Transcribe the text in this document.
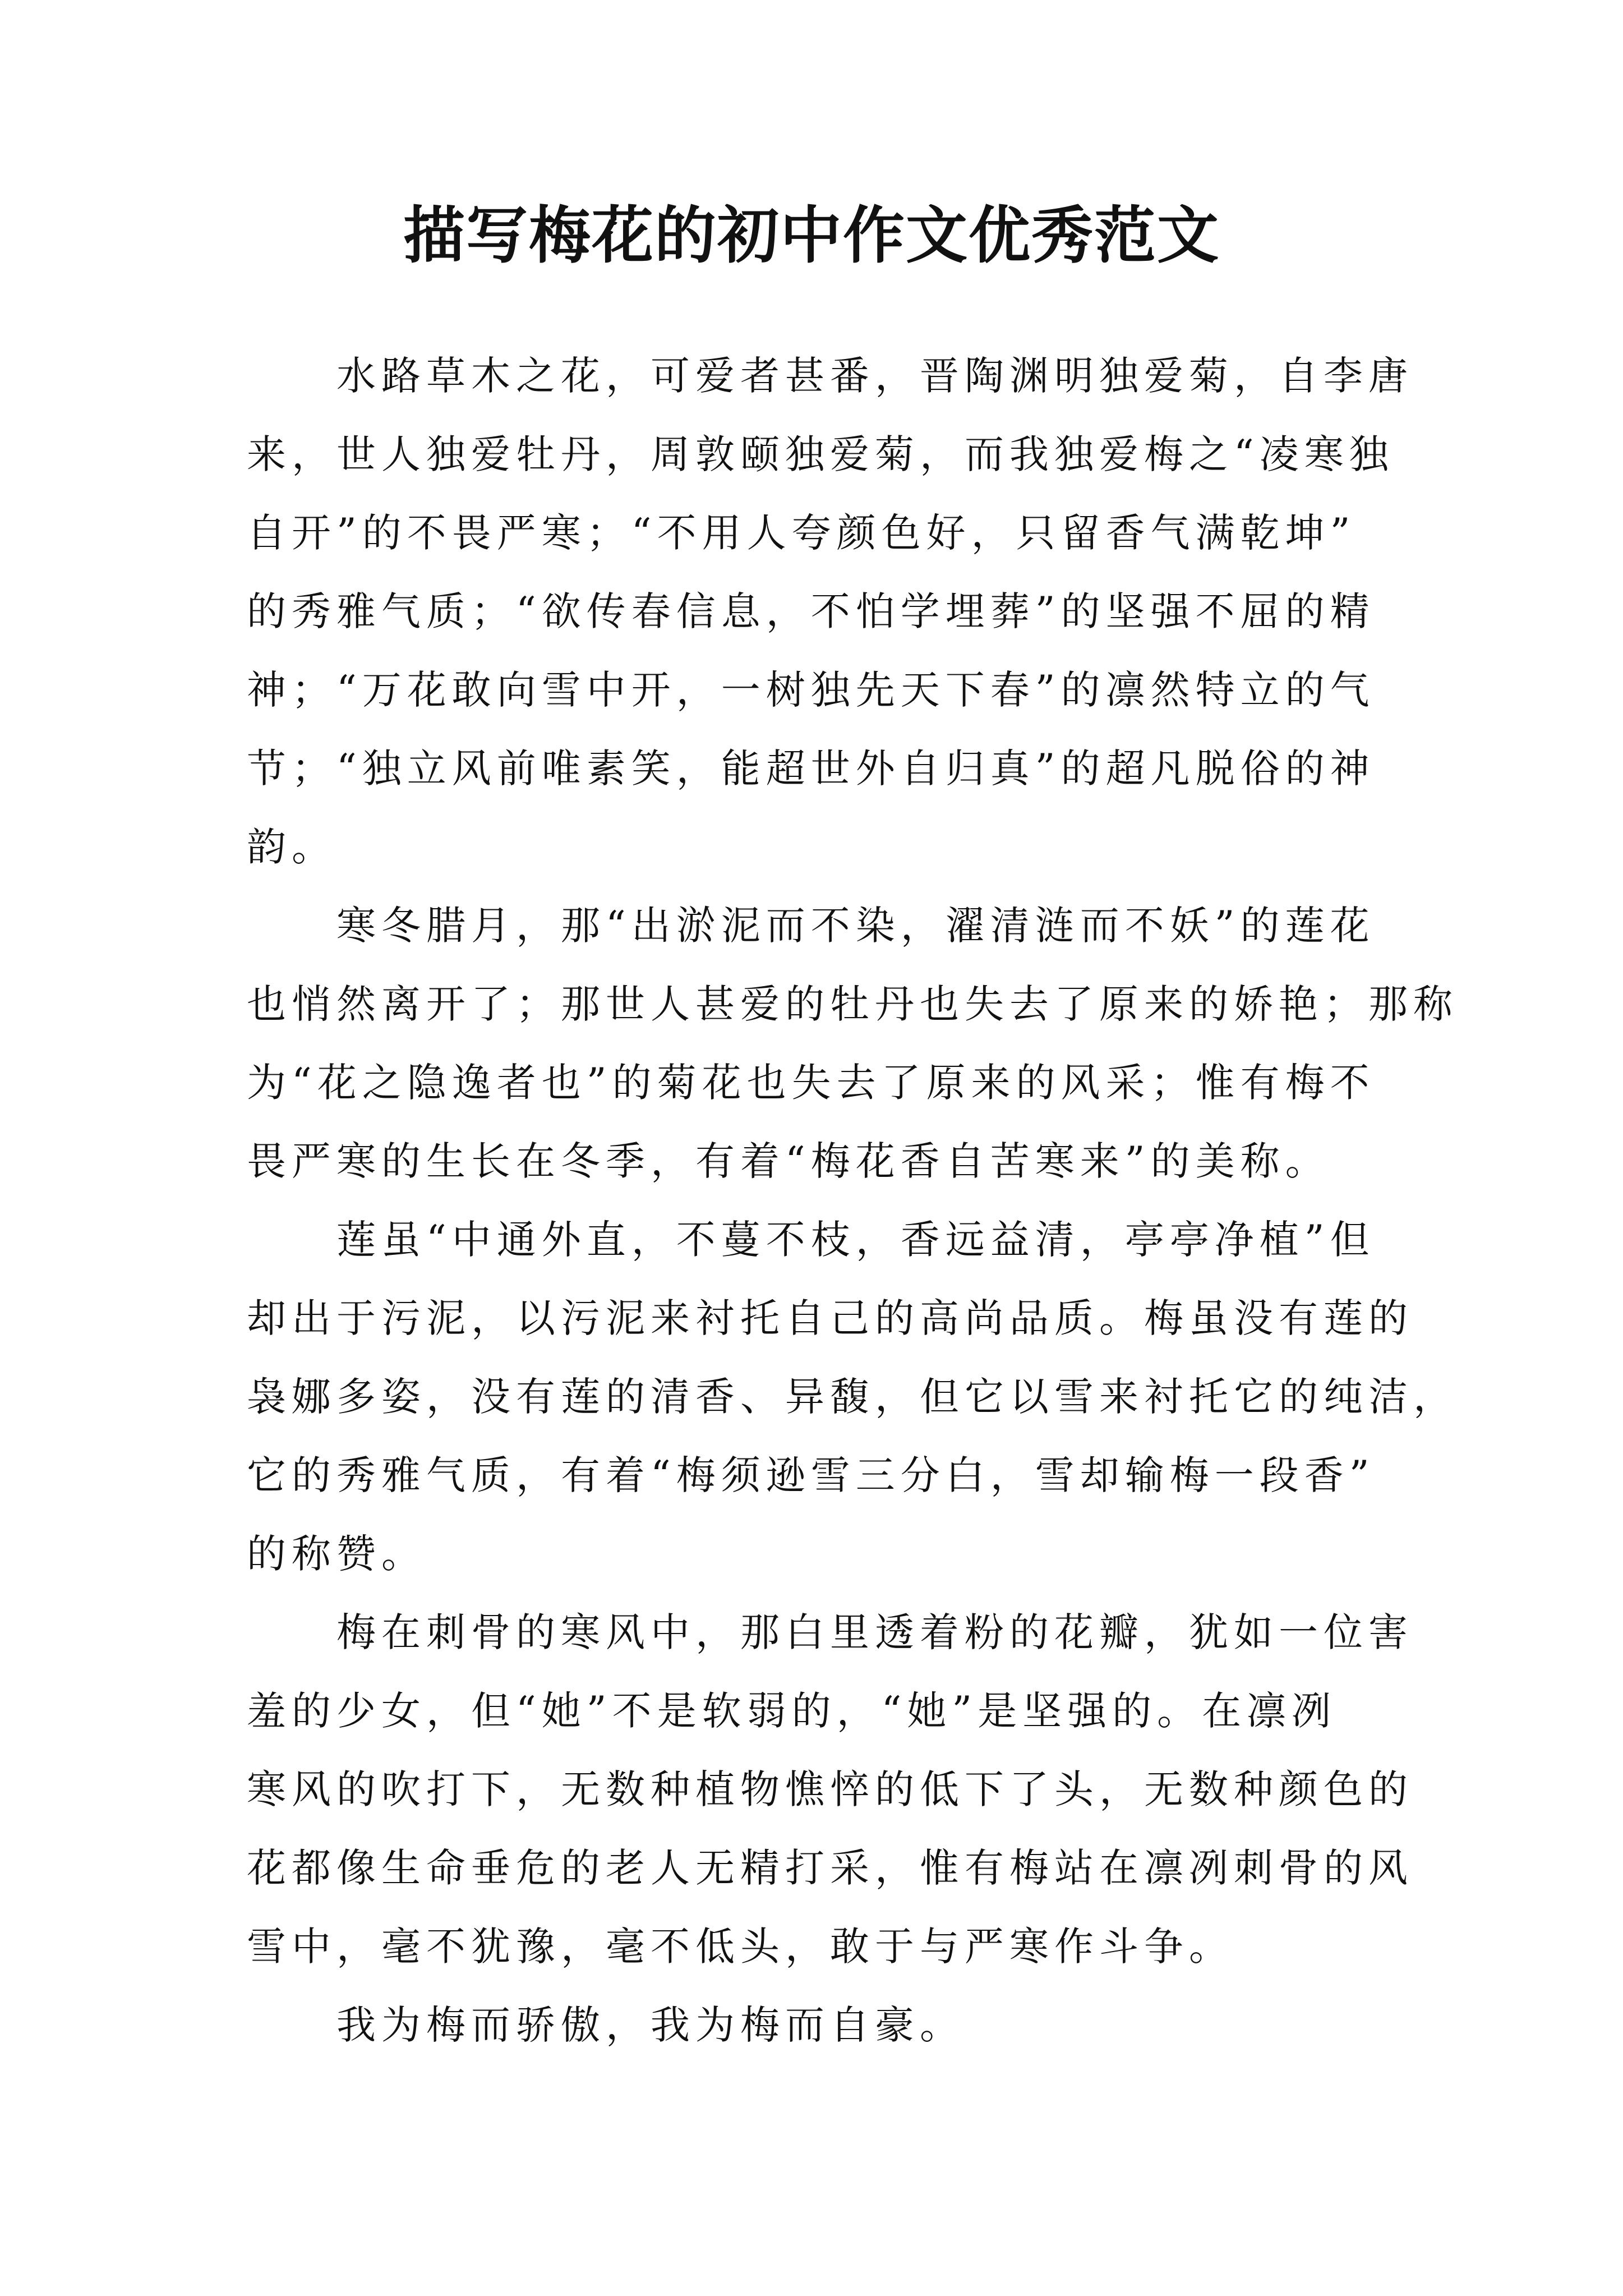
描写梅花的初中作文优秀范文
水路草木之花，可爱者甚番，晋陶渊明独爱菊，自李唐
来，世人独爱牡丹，周敦颐独爱菊，而我独爱梅之“凌寒独
自开”的不畏严寒；“不用人夸颜色好，只留香气满乾坤”
的秀雅气质；“欲传春信息，不怕学埋葬”的坚强不屈的精
神；“万花敢向雪中开，一树独先天下春”的凛然特立的气
节；“独立风前唯素笑，能超世外自归真”的超凡脱俗的神
韵。
寒冬腊月，那“出淤泥而不染，濯清涟而不妖”的莲花
也悄然离开了；那世人甚爱的牡丹也失去了原来的娇艳；那称
为“花之隐逸者也”的菊花也失去了原来的风采；惟有梅不
畏严寒的生长在冬季，有着“梅花香自苦寒来”的美称。
莲虽“中通外直，不蔓不枝，香远益清，亭亭净植”但
却出于污泥，以污泥来衬托自己的高尚品质。梅虽没有莲的
袅娜多姿，没有莲的清香、异馥，但它以雪来衬托它的纯洁，
它的秀雅气质，有着“梅须逊雪三分白，雪却输梅一段香”
的称赞。
梅在刺骨的寒风中，那白里透着粉的花瓣，犹如一位害
羞的少女，但“她”不是软弱的，“她”是坚强的。在凛冽
寒风的吹打下，无数种植物憔悴的低下了头，无数种颜色的
花都像生命垂危的老人无精打采，惟有梅站在凛冽刺骨的风
雪中，毫不犹豫，毫不低头，敢于与严寒作斗争。
我为梅而骄傲，我为梅而自豪。
